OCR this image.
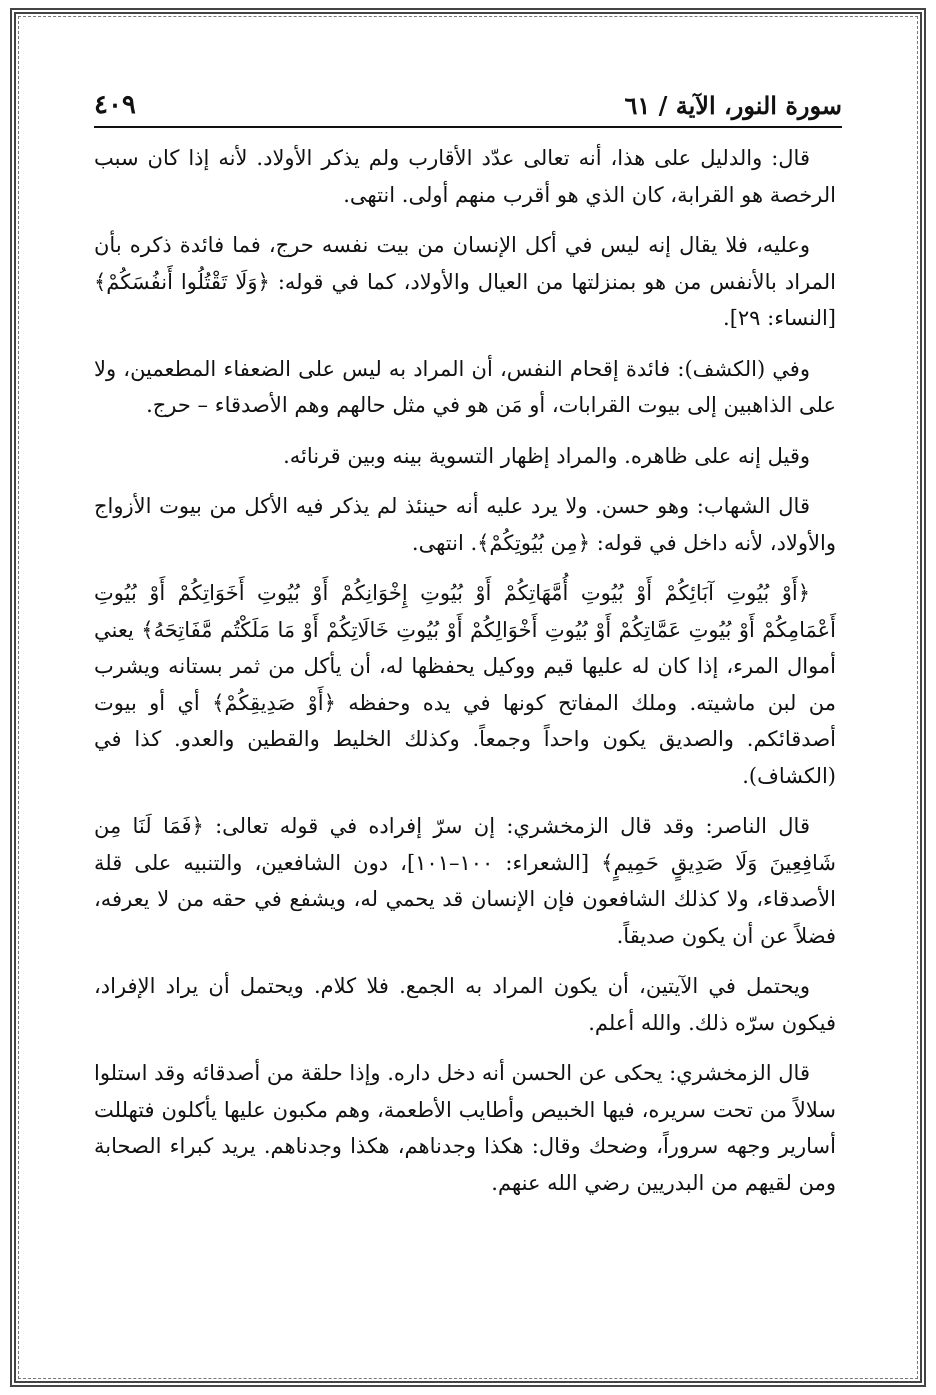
سورة النور، الآية / ٦١
٤٠٩

قال: والدليل على هذا، أنه تعالى عدّد الأقارب ولم يذكر الأولاد. لأنه إذا كان سبب الرخصة هو القرابة، كان الذي هو أقرب منهم أولى. انتهى.

وعليه، فلا يقال إنه ليس في أكل الإنسان من بيت نفسه حرج، فما فائدة ذكره بأن المراد بالأنفس من هو بمنزلتها من العيال والأولاد، كما في قوله: ﴿وَلَا تَقْتُلُوا أَنفُسَكُمْ﴾ [النساء: ٢٩].

وفي (الكشف): فائدة إقحام النفس، أن المراد به ليس على الضعفاء المطعمين، ولا على الذاهبين إلى بيوت القرابات، أو مَن هو في مثل حالهم وهم الأصدقاء – حرج.

وقيل إنه على ظاهره. والمراد إظهار التسوية بينه وبين قرنائه.

قال الشهاب: وهو حسن. ولا يرد عليه أنه حينئذ لم يذكر فيه الأكل من بيوت الأزواج والأولاد، لأنه داخل في قوله: ﴿مِن بُيُوتِكُمْ﴾. انتهى.

﴿أَوْ بُيُوتِ آبَائِكُمْ أَوْ بُيُوتِ أُمَّهَاتِكُمْ أَوْ بُيُوتِ إِخْوَانِكُمْ أَوْ بُيُوتِ أَخَوَاتِكُمْ أَوْ بُيُوتِ أَعْمَامِكُمْ أَوْ بُيُوتِ عَمَّاتِكُمْ أَوْ بُيُوتِ أَخْوَالِكُمْ أَوْ بُيُوتِ خَالَاتِكُمْ أَوْ مَا مَلَكْتُم مَّفَاتِحَهُ﴾ يعني أموال المرء، إذا كان له عليها قيم ووكيل يحفظها له، أن يأكل من ثمر بستانه ويشرب من لبن ماشيته. وملك المفاتح كونها في يده وحفظه ﴿أَوْ صَدِيقِكُمْ﴾ أي أو بيوت أصدقائكم. والصديق يكون واحداً وجمعاً. وكذلك الخليط والقطين والعدو. كذا في (الكشاف).

قال الناصر: وقد قال الزمخشري: إن سرّ إفراده في قوله تعالى: ﴿فَمَا لَنَا مِن شَافِعِينَ وَلَا صَدِيقٍ حَمِيمٍ﴾ [الشعراء: ١٠٠–١٠١]، دون الشافعين، والتنبيه على قلة الأصدقاء، ولا كذلك الشافعون فإن الإنسان قد يحمي له، ويشفع في حقه من لا يعرفه، فضلاً عن أن يكون صديقاً.

ويحتمل في الآيتين، أن يكون المراد به الجمع. فلا كلام. ويحتمل أن يراد الإفراد، فيكون سرّه ذلك. والله أعلم.

قال الزمخشري: يحكى عن الحسن أنه دخل داره. وإذا حلقة من أصدقائه وقد استلوا سلالاً من تحت سريره، فيها الخبيص وأطايب الأطعمة، وهم مكبون عليها يأكلون فتهللت أسارير وجهه سروراً، وضحك وقال: هكذا وجدناهم، هكذا وجدناهم. يريد كبراء الصحابة ومن لقيهم من البدريين رضي الله عنهم.
